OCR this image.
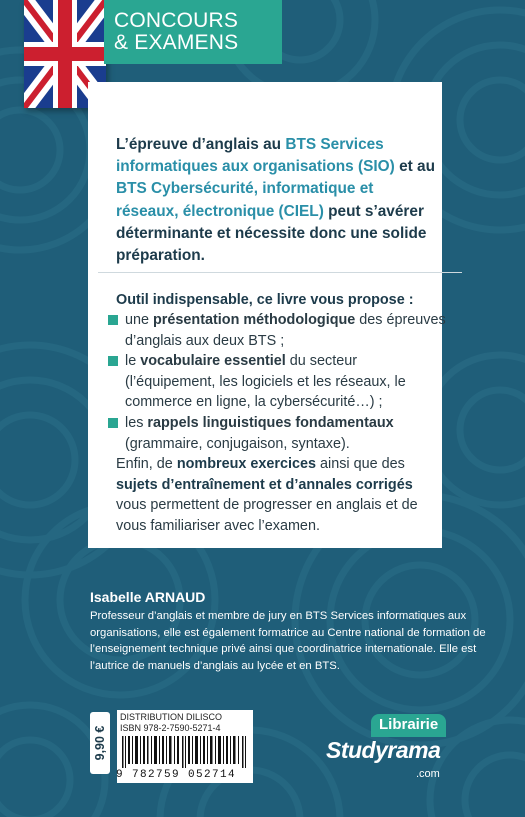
CONCOURS
& EXAMENS
L’épreuve d’anglais au BTS Services informatiques aux organisations (SIO) et au BTS Cybersécurité, informatique et réseaux, électronique (CIEL) peut s’avérer déterminante et nécessite donc une solide préparation.
Outil indispensable, ce livre vous propose :
une présentation méthodologique des épreuves d’anglais aux deux BTS ;
le vocabulaire essentiel du secteur (l’équipement, les logiciels et les réseaux, le commerce en ligne, la cybersécurité…) ;
les rappels linguistiques fondamentaux (grammaire, conjugaison, syntaxe).
Enfin, de nombreux exercices ainsi que des sujets d’entraînement et d’annales corrigés vous permettent de progresser en anglais et de vous familiariser avec l’examen.
Isabelle ARNAUD
Professeur d’anglais et membre de jury en BTS Services informatiques aux organisations, elle est également formatrice au Centre national de formation de l’enseignement technique privé ainsi que coordinatrice internationale. Elle est l’autrice de manuels d’anglais au lycée et en BTS.
9,90 €
DISTRIBUTION DILISCO
ISBN 978-2-7590-5271-4
9 782759 052714
Librairie
Studyrama
.com
